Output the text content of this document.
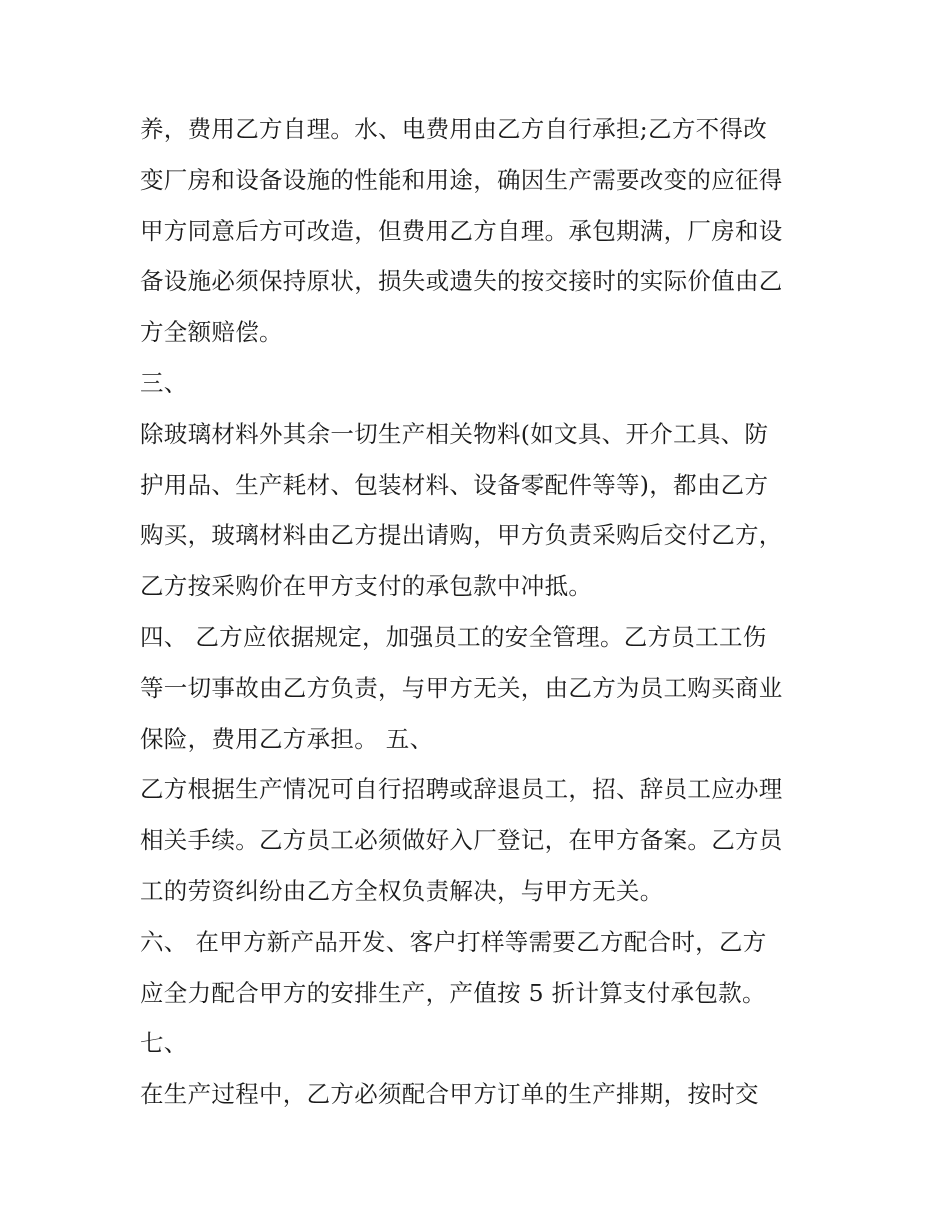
养，费用乙方自理。水、电费用由乙方自行承担;乙方不得改
变厂房和设备设施的性能和用途，确因生产需要改变的应征得
甲方同意后方可改造，但费用乙方自理。承包期满，厂房和设
备设施必须保持原状，损失或遗失的按交接时的实际价值由乙
方全额赔偿。
三、
除玻璃材料外其余一切生产相关物料(如文具、开介工具、防
护用品、生产耗材、包装材料、设备零配件等等)，都由乙方
购买，玻璃材料由乙方提出请购，甲方负责采购后交付乙方，
乙方按采购价在甲方支付的承包款中冲抵。
四、 乙方应依据规定，加强员工的安全管理。乙方员工工伤
等一切事故由乙方负责，与甲方无关，由乙方为员工购买商业
保险，费用乙方承担。 五、
乙方根据生产情况可自行招聘或辞退员工，招、辞员工应办理
相关手续。乙方员工必须做好入厂登记，在甲方备案。乙方员
工的劳资纠纷由乙方全权负责解决，与甲方无关。
六、 在甲方新产品开发、客户打样等需要乙方配合时，乙方
应全力配合甲方的安排生产，产值按 5 折计算支付承包款。
七、
在生产过程中，乙方必须配合甲方订单的生产排期，按时交
